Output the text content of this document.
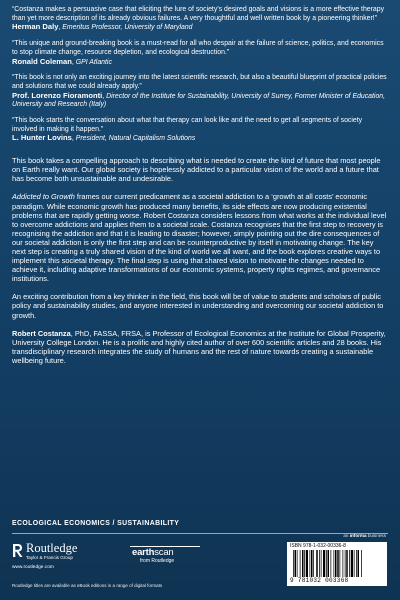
“Costanza makes a persuasive case that eliciting the lure of society’s desired goals and visions is a more effective therapy than yet more description of its already obvious failures. A very thoughtful and well written book by a pioneering thinker!”
Herman Daly, Emeritus Professor, University of Maryland
“This unique and ground-breaking book is a must-read for all who despair at the failure of science, politics, and economics to stop climate change, resource depletion, and ecological destruction.”
Ronald Coleman, GPI Atlantic
“This book is not only an exciting journey into the latest scientific research, but also a beautiful blueprint of practical policies and solutions that we could already apply.”
Prof. Lorenzo Fioramonti, Director of the Institute for Sustainability, University of Surrey, Former Minister of Education, University and Research (Italy)
“This book starts the conversation about what that therapy can look like and the need to get all segments of society involved in making it happen.”
L. Hunter Lovins, President, Natural Capitalism Solutions

This book takes a compelling approach to describing what is needed to create the kind of future that most people on Earth really want. Our global society is hopelessly addicted to a particular vision of the world and a future that has become both unsustainable and undesirable.

Addicted to Growth frames our current predicament as a societal addiction to a ‘growth at all costs’ economic paradigm. While economic growth has produced many benefits, its side effects are now producing existential problems that are rapidly getting worse. Robert Costanza considers lessons from what works at the individual level to overcome addictions and applies them to a societal scale. Costanza recognises that the first step to recovery is recognising the addiction and that it is leading to disaster; however, simply pointing out the dire consequences of our societal addiction is only the first step and can be counterproductive by itself in motivating change. The key next step is creating a truly shared vision of the kind of world we all want, and the book explores creative ways to implement this societal therapy. The final step is using that shared vision to motivate the changes needed to achieve it, including adaptive transformations of our economic systems, property rights regimes, and governance institutions.

An exciting contribution from a key thinker in the field, this book will be of value to students and scholars of public policy and sustainability studies, and anyone interested in understanding and overcoming our societal addiction to growth.

Robert Costanza, PhD, FASSA, FRSA, is Professor of Ecological Economics at the Institute for Global Prosperity, University College London. He is a prolific and highly cited author of over 600 scientific articles and 28 books. His transdisciplinary research integrates the study of humans and the rest of nature towards creating a sustainable wellbeing future.

ECOLOGICAL ECONOMICS / SUSTAINABILITY
an informa business
Routledge
Taylor & Francis Group
www.routledge.com
earthscan
from Routledge
ISBN 978-1-032-00336-8
9 781032 003368
Routledge titles are available as eBook editions in a range of digital formats
